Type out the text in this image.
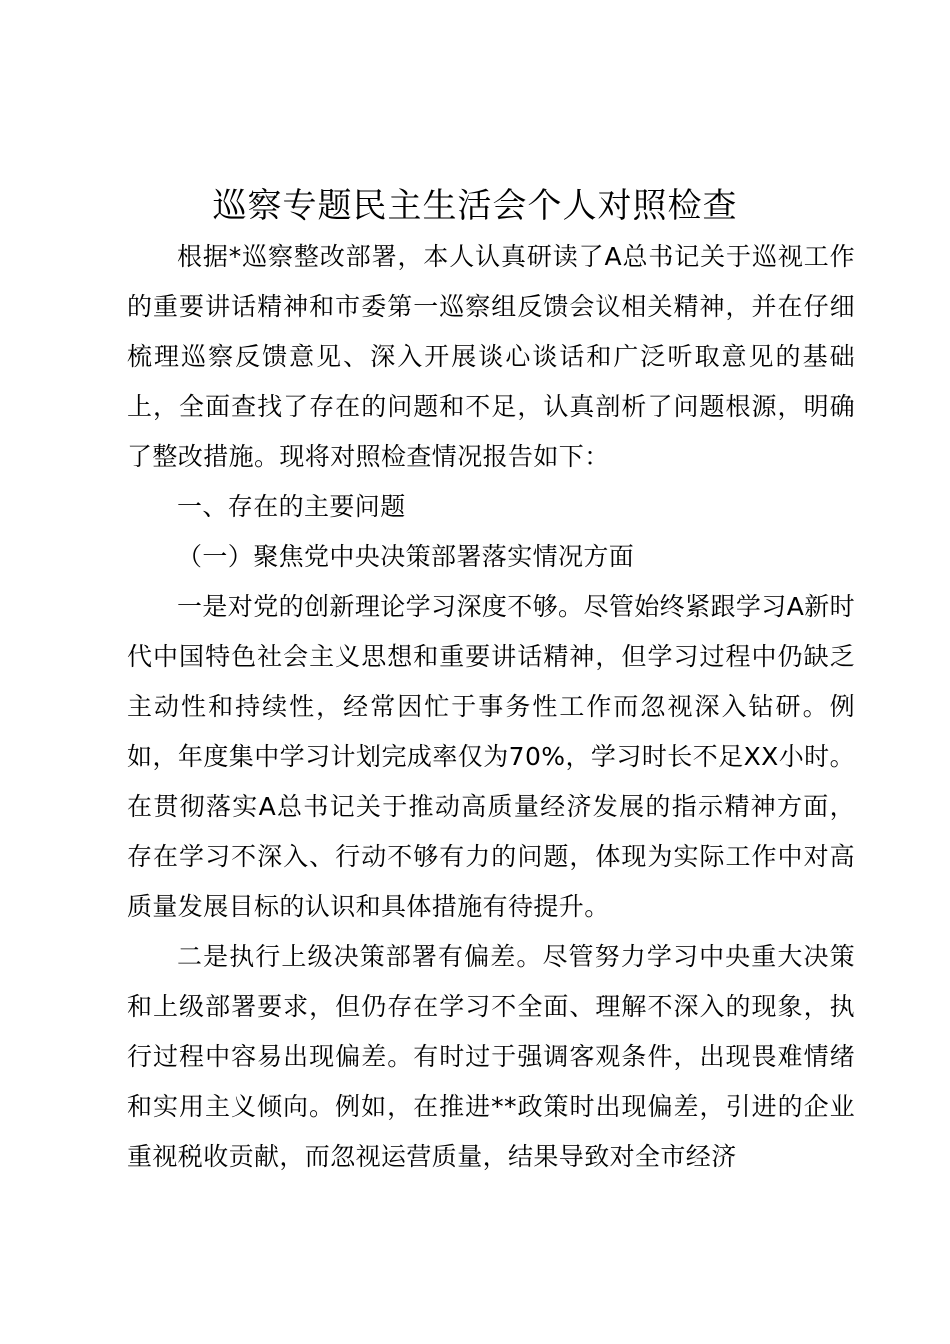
巡察专题民主生活会个人对照检查

根据*巡察整改部署，本人认真研读了A总书记关于巡视工作的重要讲话精神和市委第一巡察组反馈会议相关精神，并在仔细梳理巡察反馈意见、深入开展谈心谈话和广泛听取意见的基础上，全面查找了存在的问题和不足，认真剖析了问题根源，明确了整改措施。现将对照检查情况报告如下：

一、存在的主要问题

（一）聚焦党中央决策部署落实情况方面

一是对党的创新理论学习深度不够。尽管始终紧跟学习A新时代中国特色社会主义思想和重要讲话精神，但学习过程中仍缺乏主动性和持续性，经常因忙于事务性工作而忽视深入钻研。例如，年度集中学习计划完成率仅为70%，学习时长不足XX小时。在贯彻落实A总书记关于推动高质量经济发展的指示精神方面，存在学习不深入、行动不够有力的问题，体现为实际工作中对高质量发展目标的认识和具体措施有待提升。

二是执行上级决策部署有偏差。尽管努力学习中央重大决策和上级部署要求，但仍存在学习不全面、理解不深入的现象，执行过程中容易出现偏差。有时过于强调客观条件，出现畏难情绪和实用主义倾向。例如，在推进**政策时出现偏差，引进的企业重视税收贡献，而忽视运营质量，结果导致对全市经济
